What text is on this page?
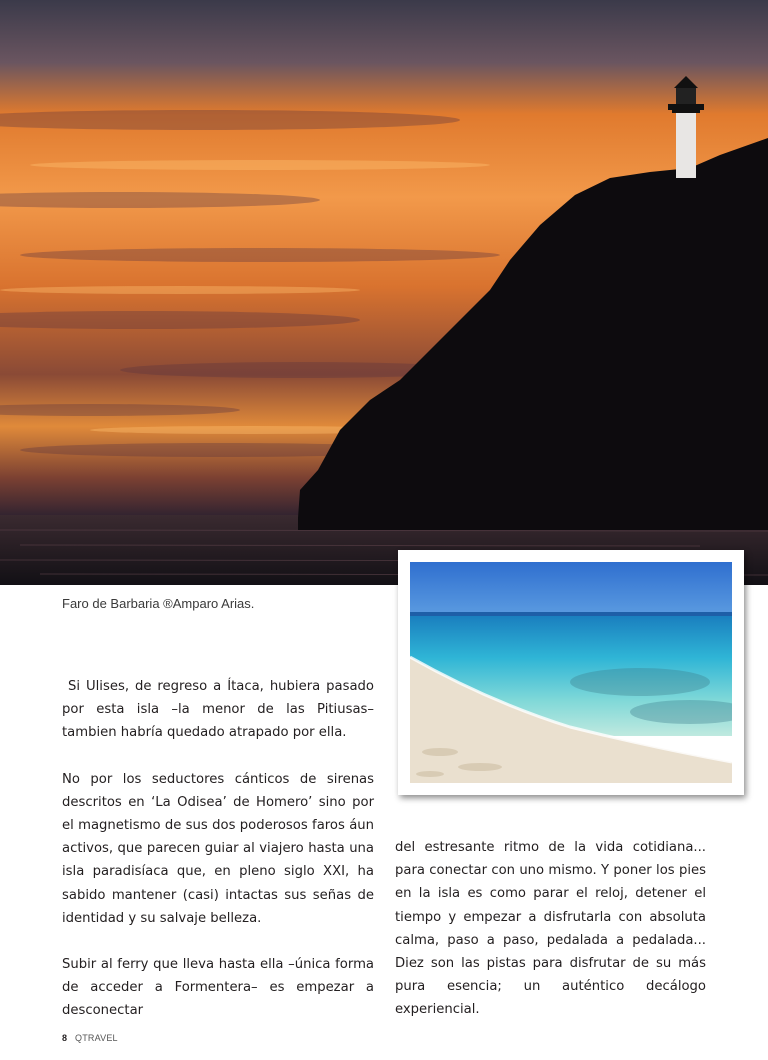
Faro de Barbaria ®Amparo Arias.

Si Ulises, de regreso a Ítaca, hubiera pasado por esta isla –la menor de las Pitiusas– tambien habría quedado atrapado por ella.

No por los seductores cánticos de sirenas descritos en ‘La Odisea’ de Homero’ sino por el magnetismo de sus dos poderosos faros áun activos, que parecen guiar al viajero hasta una isla paradisíaca que, en pleno siglo XXI, ha sabido mantener (casi) intactas sus señas de identidad y su salvaje belleza.

Subir al ferry que lleva hasta ella –única forma de acceder a Formentera– es empezar a desconectar

del estresante ritmo de la vida cotidiana... para conectar con uno mismo. Y poner los pies en la isla es como parar el reloj, detener el tiempo y empezar a disfrutarla con absoluta calma, paso a paso, pedalada a pedalada... Diez son las pistas para disfrutar de su más pura esencia; un auténtico decálogo experiencial.

8 QTRAVEL
